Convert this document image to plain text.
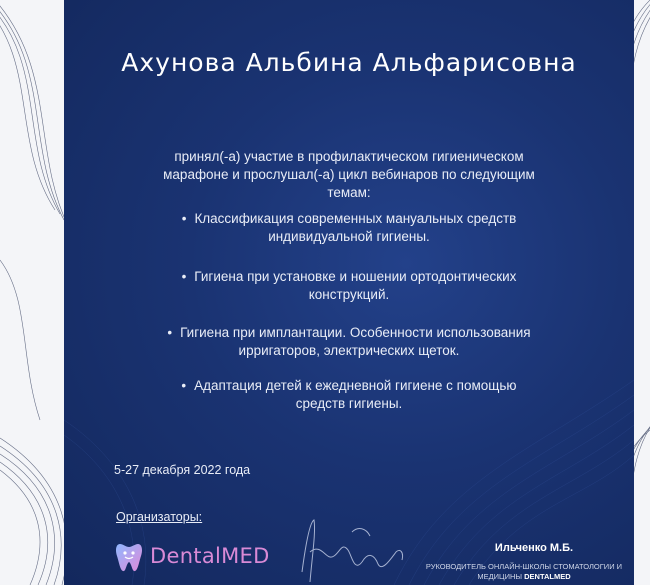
Ахунова Альбина Альфарисовна
принял(-а) участие в профилактическом гигиеническом марафоне и прослушал(-а) цикл вебинаров по следующим темам:
• Классификация современных мануальных средств
индивидуальной гигиены.
• Гигиена при установке и ношении ортодонтических
конструкций.
• Гигиена при имплантации. Особенности использования
ирригаторов, электрических щеток.
• Адаптация детей к ежедневной гигиене с помощью
средств гигиены.
5-27 декабря 2022 года
Организаторы:
DentalMED	Ильченко М.Б.
РУКОВОДИТЕЛЬ ОНЛАЙН-ШКОЛЫ СТОМАТОЛОГИИ И
МЕДИЦИНЫ DENTALMED
